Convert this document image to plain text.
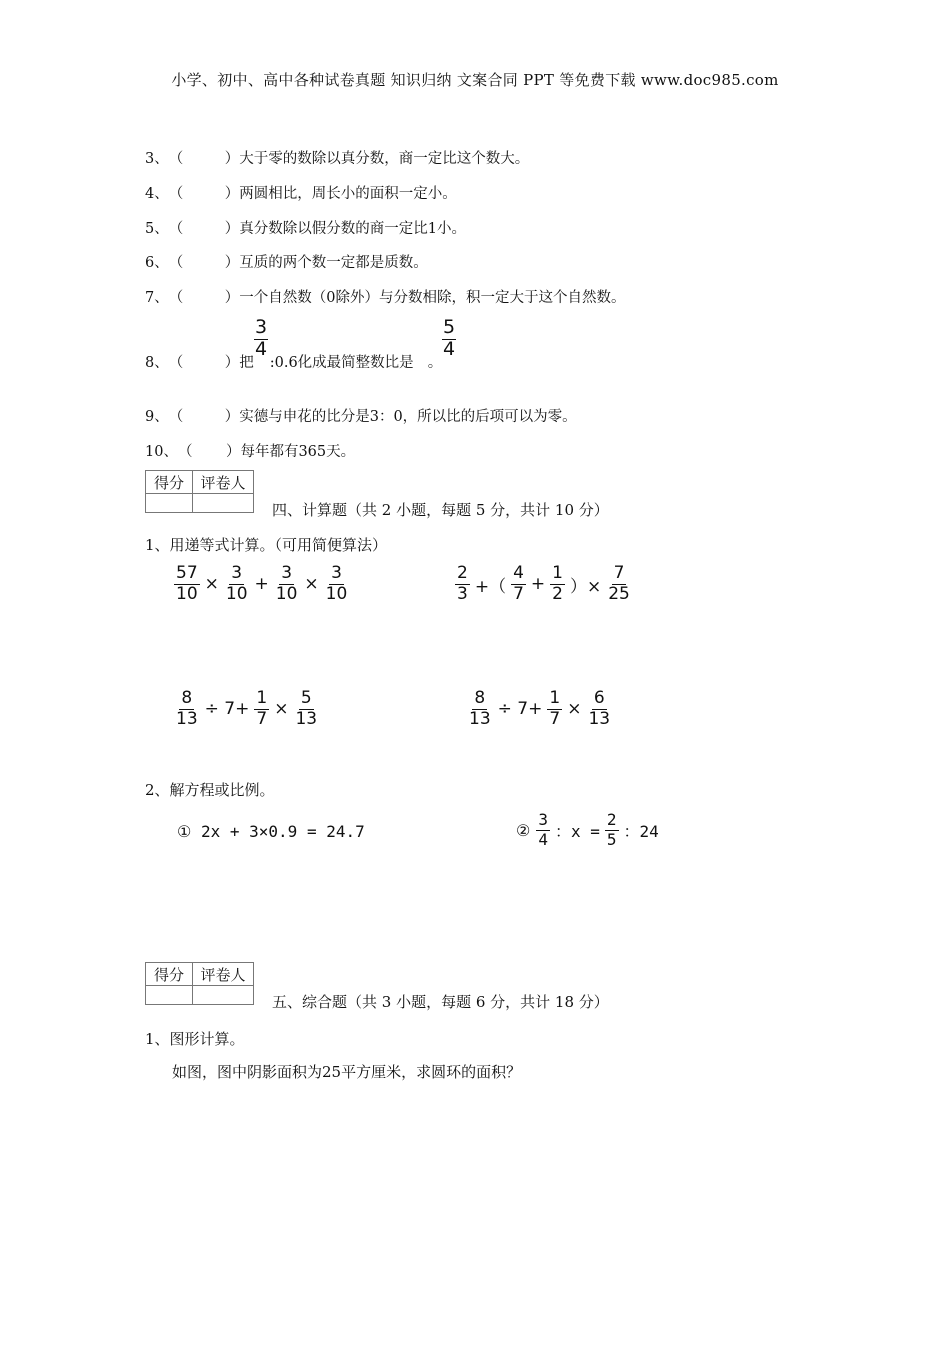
小学、初中、高中各种试卷真题 知识归纳 文案合同 PPT 等免费下载 www.doc985.com
3、（	）大于零的数除以真分数，商一定比这个数大。
4、（	）两圆相比，周长小的面积一定小。
5、（	）真分数除以假分数的商一定比1小。
6、（	）互质的两个数一定都是质数。
7、（	）一个自然数（0除外）与分数相除，积一定大于这个自然数。
8、（	）把 :0.6化成最简整数比是 。
3
4
5
4
9、（	）实德与申花的比分是3：0，所以比的后项可以为零。
10、（ ）每年都有365天。
得分	评卷人

四、计算题（共 2 小题，每题 5 分，共计 10 分）
1、用递等式计算。（可用简便算法）
$\frac{57}{10} \times \frac{3}{10} + \frac{3}{10} \times \frac{3}{10}$	$\frac{2}{3}$ +（ $\frac{4}{7} + \frac{1}{2}$ ）× $\frac{7}{25}$
$\frac{8}{13} \div 7+ \frac{1}{7} \times \frac{5}{13}$	$\frac{8}{13} \div 7+ \frac{1}{7} \times \frac{6}{13}$
2、解方程或比例。
① 2x + 3×0.9 = 24.7	② $\frac{3}{4}$ ：$x = \frac{2}{5}$ ：24
得分	评卷人

五、综合题（共 3 小题，每题 6 分，共计 18 分）
1、图形计算。
如图，图中阴影面积为25平方厘米，求圆环的面积？
